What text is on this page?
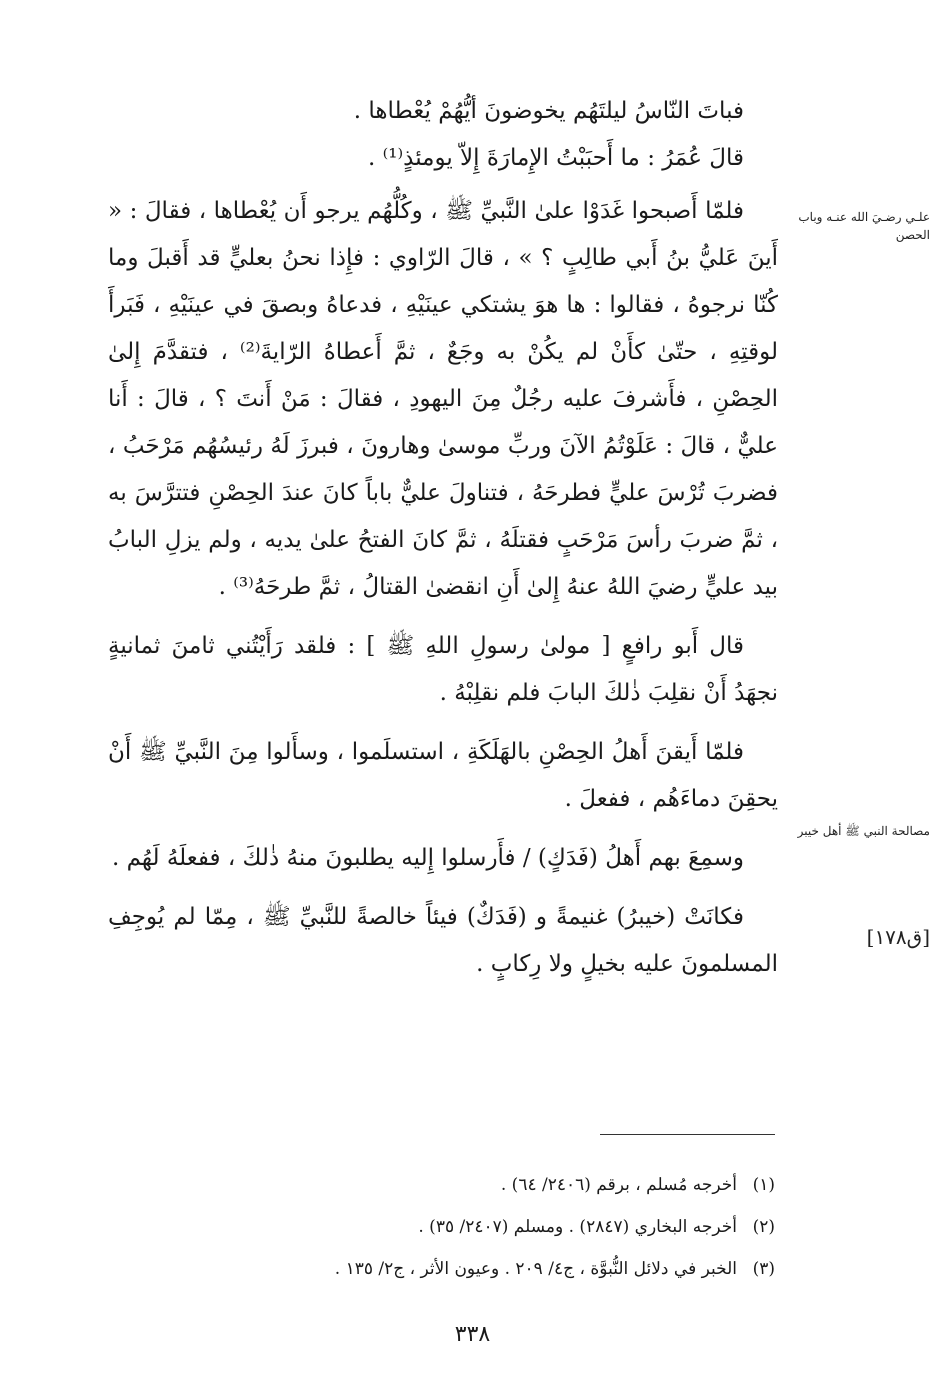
فباتَ النّاسُ ليلتَهُم يخوضونَ أيُّهُمْ يُعْطاها .

قالَ عُمَرُ : ما أَحبَبْتُ الإِمارَةَ إِلاّ يومئذٍ⁽¹⁾ .

فلمّا أَصبحوا غَدَوْا علىٰ النَّبيِّ ﷺ ، وكُلُّهُم يرجو أَن يُعْطاها ، فقالَ : « أَينَ عَليُّ بنُ أَبي طالِبٍ ؟ » ، قالَ الرّاوي : فإِذا نحنُ بعليٍّ قد أَقبلَ وما كُنّا نرجوهُ ، فقالوا : ها هوَ يشتكي عينَيْهِ ، فدعاهُ وبصقَ في عينَيْهِ ، فَبَرأَ لوقتِهِ ، حتّىٰ كأَنْ لم يكُنْ به وجَعٌ ، ثمَّ أَعطاهُ الرّايةَ⁽²⁾ ، فتقدَّمَ إِلىٰ الحِصْنِ ، فأَشرفَ عليه رجُلٌ مِنَ اليهودِ ، فقالَ : مَنْ أَنتَ ؟ ، قالَ : أَنا عليٌّ ، قالَ : عَلَوْتُمُ الآنَ وربِّ موسىٰ وهارونَ ، فبرزَ لَهُ رئيسُهُم مَرْحَبُ ، فضربَ تُرْسَ عليٍّ فطرحَهُ ، فتناولَ عليٌّ باباً كانَ عندَ الحِصْنِ فتترَّسَ به ، ثمَّ ضربَ رأسَ مَرْحَبٍ فقتلَهُ ، ثمَّ كانَ الفتحُ علىٰ يديه ، ولم يزلِ البابُ بيد عليٍّ رضيَ اللهُ عنهُ إِلىٰ أَنِ انقضىٰ القتالُ ، ثمَّ طرحَهُ⁽³⁾ .

قال أَبو رافعٍ [ مولىٰ رسولِ اللهِ ﷺ ] : فلقد رَأَيْتُني ثامنَ ثمانيةٍ نجهَدُ أَنْ نقلِبَ ذٰلكَ البابَ فلم نقلِبْهُ .

فلمّا أَيقنَ أَهلُ الحِصْنِ بالهَلَكَةِ ، استسلَموا ، وسأَلوا مِنَ النَّبيِّ ﷺ أَنْ يحقِنَ دماءَهُم ، ففعلَ .

وسمِعَ بهم أَهلُ (فَدَكٍ) / فأَرسلوا إِليه يطلبونَ منهُ ذٰلكَ ، ففعلَهُ لَهُم .

فكانَتْ (خيبرُ) غنيمةً و (فَدَكٌ) فيئاً خالصةً للنَّبيِّ ﷺ ، مِمّا لم يُوجِفِ المسلمونَ عليه بخيلٍ ولا رِكابٍ .

علـي رضـيَ الله عنـه وباب الحصن
مصالحة النبي ﷺ أهل خيبر
[ق١٧٨]
(١)
أخرجه مُسلم ، برقم (٢٤٠٦/ ٦٤) .
(٢)
أخرجه البخاري (٢٨٤٧) . ومسلم (٢٤٠٧/ ٣٥) .
(٣)
الخبر في دلائل النُّبوَّة ، ج٤/ ٢٠٩ . وعيون الأثر ، ج٢/ ١٣٥ .
٣٣٨
